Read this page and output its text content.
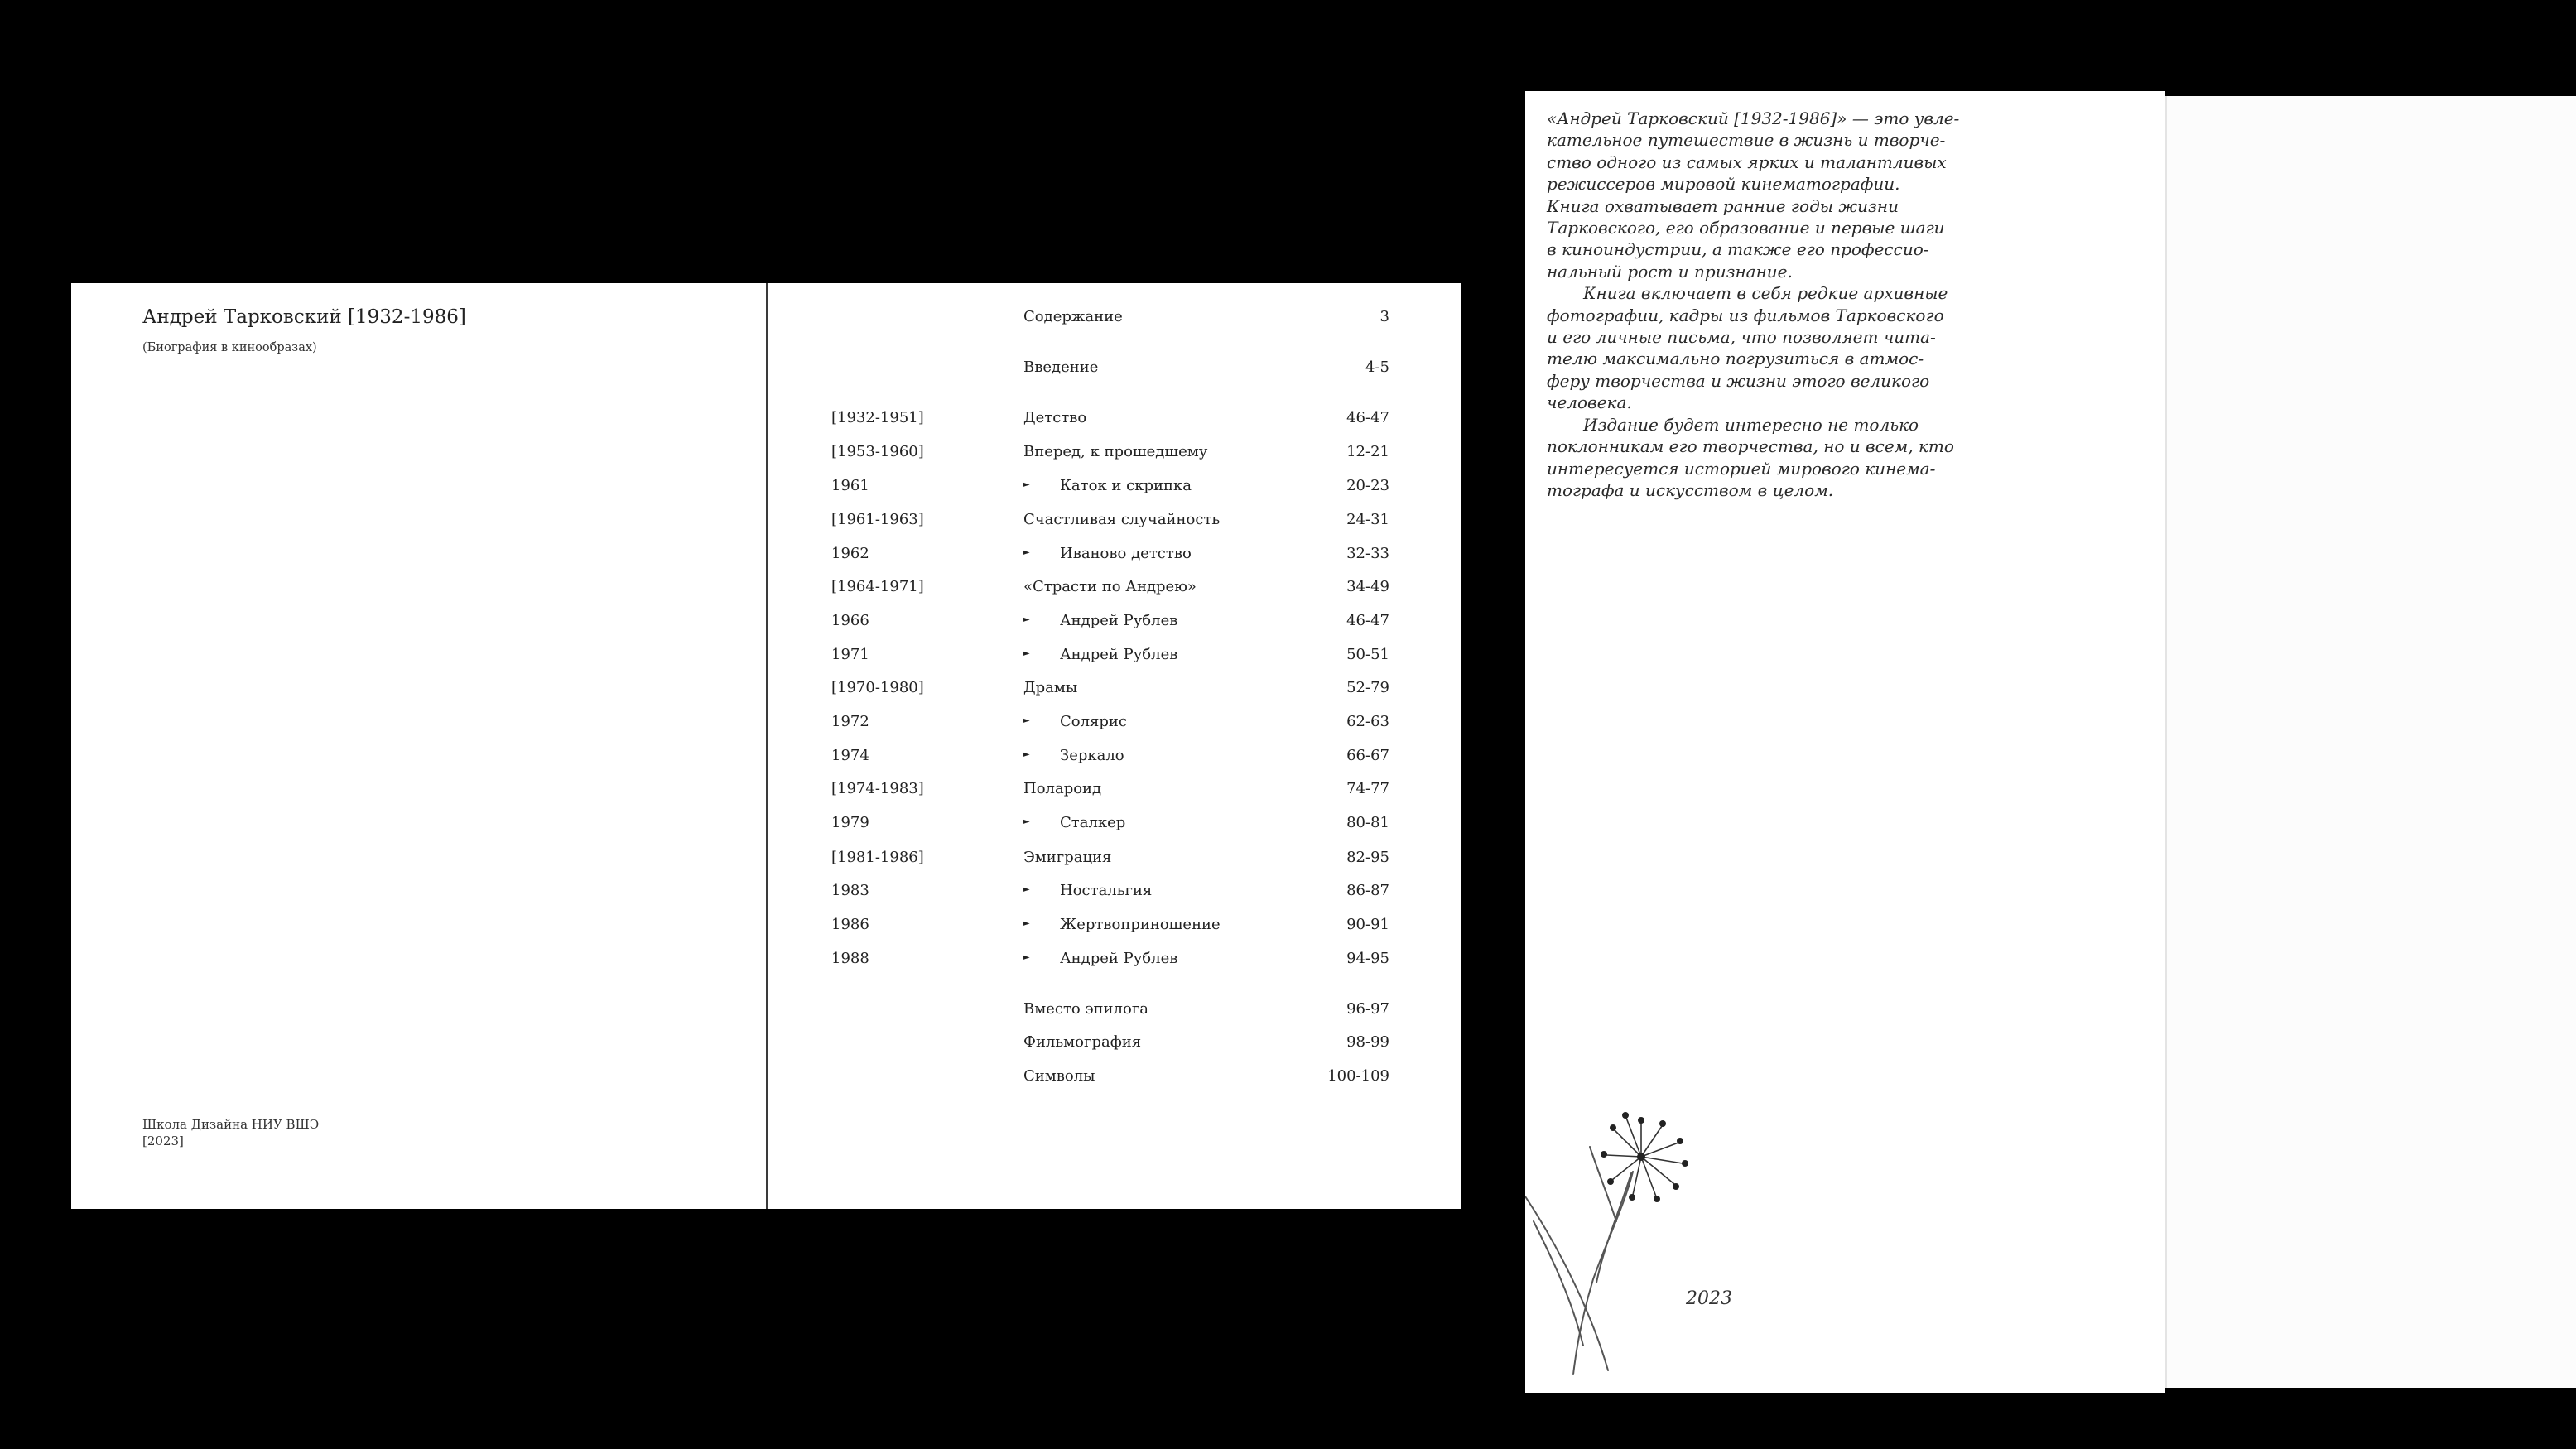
Андрей Тарковский [1932-1986]
(Биография в кинообразах)
Школа Дизайна НИУ ВШЭ
[2023]
Содержание	3
Введение	4-5
[1932-1951]	Детство	46-47
[1953-1960]	Вперед, к прошедшему	12-21
1961	► Каток и скрипка	20-23
[1961-1963]	Счастливая случайность	24-31
1962	► Иваново детство	32-33
[1964-1971]	«Страсти по Андрею»	34-49
1966	► Андрей Рублев	46-47
1971	► Андрей Рублев	50-51
[1970-1980]	Драмы	52-79
1972	► Солярис	62-63
1974	► Зеркало	66-67
[1974-1983]	Полароид	74-77
1979	► Сталкер	80-81
[1981-1986]	Эмиграция	82-95
1983	► Ностальгия	86-87
1986	► Жертвоприношение	90-91
1988	► Андрей Рублев	94-95
Вместо эпилога	96-97
Фильмография	98-99
Символы	100-109

«Андрей Тарковский [1932-1986]» — это увле-
кательное путешествие в жизнь и творче-
ство одного из самых ярких и талантливых
режиссеров мировой кинематографии.
Книга охватывает ранние годы жизни
Тарковского, его образование и первые шаги
в киноиндустрии, а также его профессио-
нальный рост и признание.

Книга включает в себя редкие архивные
фотографии, кадры из фильмов Тарковского
и его личные письма, что позволяет чита-
телю максимально погрузиться в атмос-
феру творчества и жизни этого великого
человека.

Издание будет интересно не только
поклонникам его творчества, но и всем, кто
интересуется историей мирового кинема-
тографа и искусством в целом.

2023
